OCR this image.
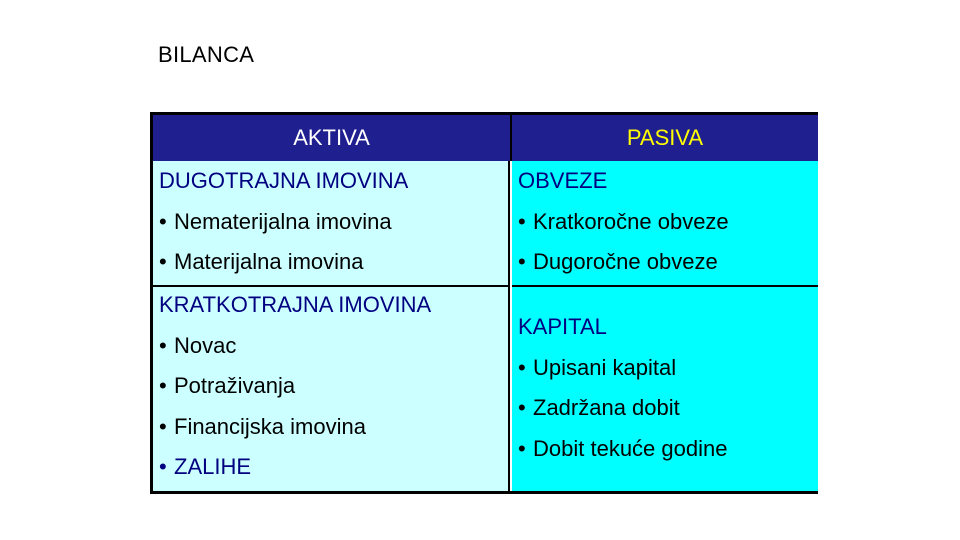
BILANCA
AKTIVA	PASIVA
DUGOTRAJNA IMOVINA
• Nematerijalna imovina
• Materijalna imovina
KRATKOTRAJNA IMOVINA
• Novac
• Potraživanja
• Financijska imovina
• ZALIHE
OBVEZE
• Kratkoročne obveze
• Dugoročne obveze
KAPITAL
• Upisani kapital
• Zadržana dobit
• Dobit tekuće godine
